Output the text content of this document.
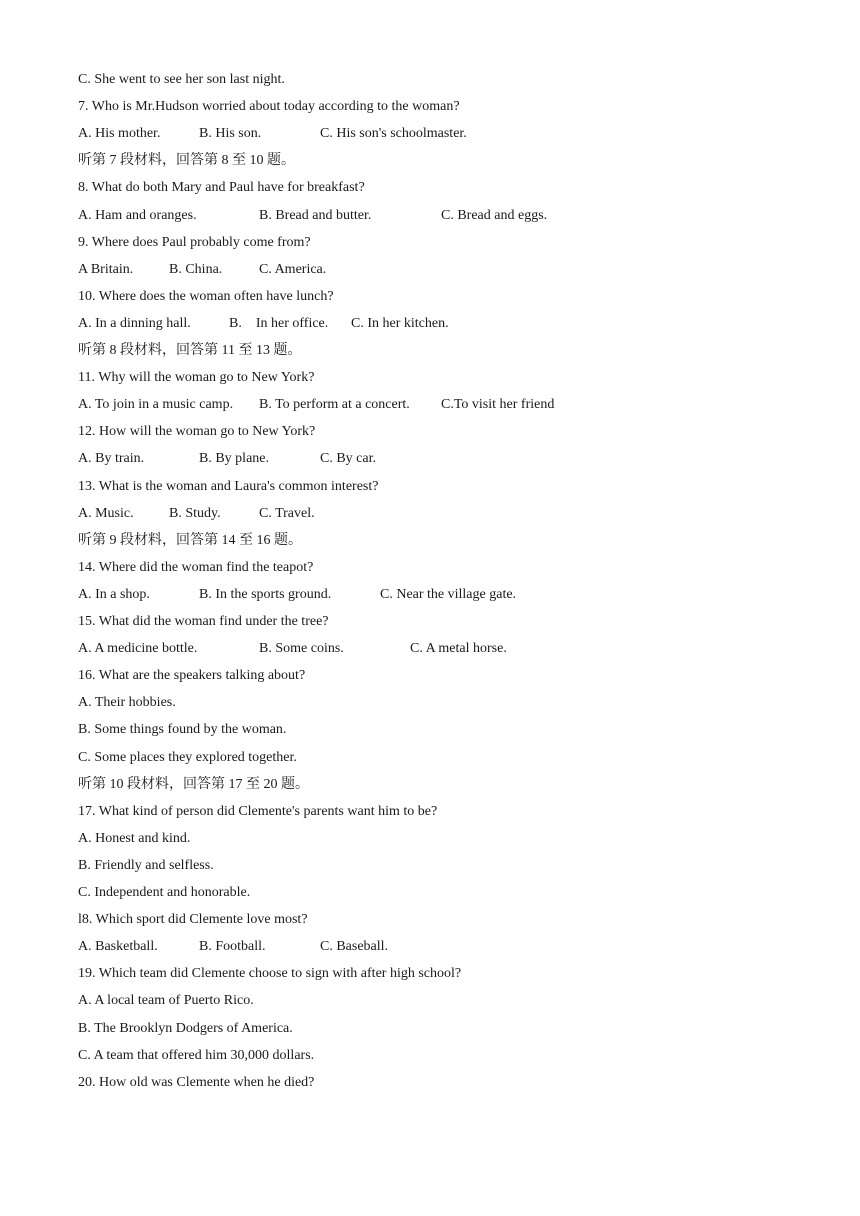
C. She went to see her son last night.
7. Who is Mr.Hudson worried about today according to the woman?
A. His mother.	B. His son.	C. His son's schoolmaster.
听第 7 段材料，回答第 8 至 10 题。
8. What do both Mary and Paul have for breakfast?
A. Ham and oranges.	B. Bread and butter.	C. Bread and eggs.
9. Where does Paul probably come from?
A Britain.	B. China.	C. America.
10. Where does the woman often have lunch?
A. In a dinning hall.	B.    In her office. C. In her kitchen.
听第 8 段材料，回答第 11 至 13 题。
11. Why will the woman go to New York?
A. To join in a music camp. B. To perform at a concert. C.To visit her friend
12. How will the woman go to New York?
A. By train.	B. By plane.	C. By car.
13. What is the woman and Laura's common interest?
A. Music.	B. Study.	C. Travel.
听第 9 段材料，回答第 14 至 16 题。
14. Where did the woman find the teapot?
A. In a shop.	B. In the sports ground.	C. Near the village gate.
15. What did the woman find under the tree?
A. A medicine bottle.	B. Some coins.	C. A metal horse.
16. What are the speakers talking about?
A. Their hobbies.
B. Some things found by the woman.
C. Some places they explored together.
听第 10 段材料，回答第 17 至 20 题。
17. What kind of person did Clemente's parents want him to be?
A. Honest and kind.
B. Friendly and selfless.
C. Independent and honorable.
l8. Which sport did Clemente love most?
A. Basketball.	B. Football.	C. Baseball.
19. Which team did Clemente choose to sign with after high school?
A. A local team of Puerto Rico.
B. The Brooklyn Dodgers of America.
C. A team that offered him 30,000 dollars.
20. How old was Clemente when he died?
